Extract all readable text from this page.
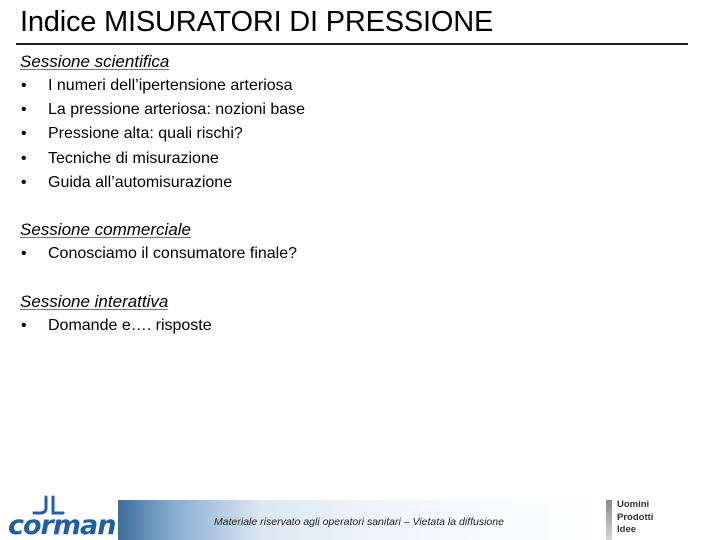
Indice MISURATORI DI PRESSIONE
Sessione scientifica
• I numeri dell’ipertensione arteriosa
• La pressione arteriosa: nozioni base
• Pressione alta: quali rischi?
• Tecniche di misurazione
• Guida all’automisurazione
Sessione commerciale
• Conosciamo il consumatore finale?
Sessione interattiva
• Domande e…. risposte
corman	Materiale riservato agli operatori sanitari – Vietata la diffusione
Uomini
Prodotti
Idee
